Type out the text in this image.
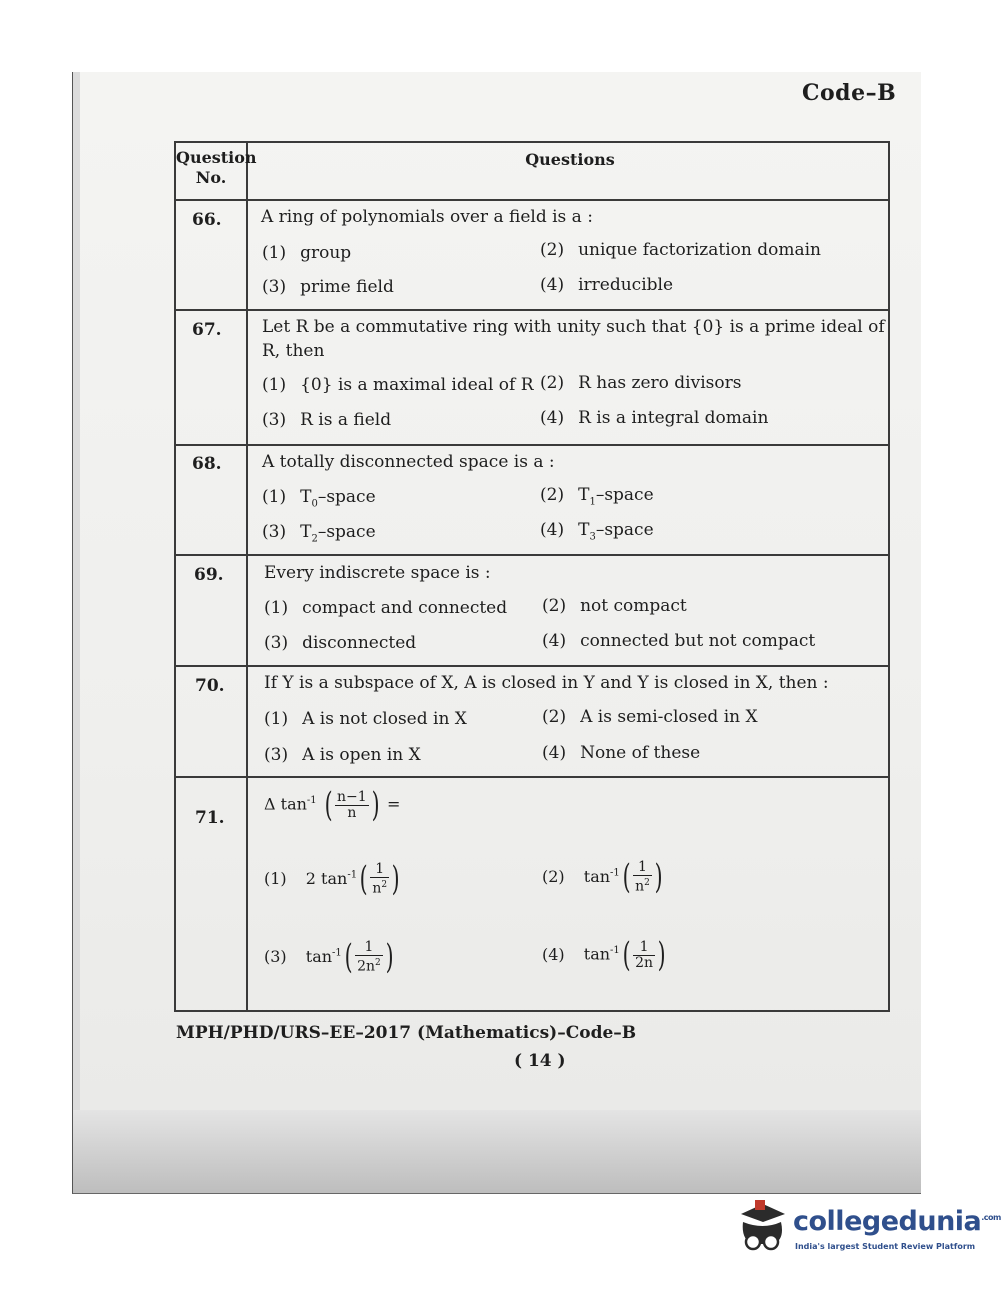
Code–B
Question
No.
Questions
66. A ring of polynomials over a field is a :
(1) group	(2) unique factorization domain
(3) prime field	(4) irreducible
67. Let R be a commutative ring with unity such that {0} is a prime ideal of R, then
(1) {0} is a maximal ideal of R (2) R has zero divisors
(3) R is a field	(4) R is a integral domain
68. A totally disconnected space is a :
(1) $T_0$–space	(2) $T_1$–space
(3) $T_2$–space	(4) $T_3$–space
69. Every indiscrete space is :
(1) compact and connected (2) not compact
(3) disconnected	(4) connected but not compact
70. If Y is a subspace of X, A is closed in Y and Y is closed in X, then :
(1) A is not closed in X	(2) A is semi-closed in X
(3) A is open in X	(4) None of these
71.
Δ $\tan^{-1}$ ( $\frac{n-1}{n}$ ) =
(1) 2 $\tan^{-1}( \frac{1}{n^2}$ )	(2) $\tan^{-1}( \frac{1}{n^2}$ )
(3) $\tan^{-1}( \frac{1}{2n^2}$ )	(4) $\tan^{-1}( \frac{1}{2n}$ )
MPH/PHD/URS–EE–2017 (Mathematics)–Code–B
( 14 )
collegedunia$^{.com}$
India's largest Student Review Platform
